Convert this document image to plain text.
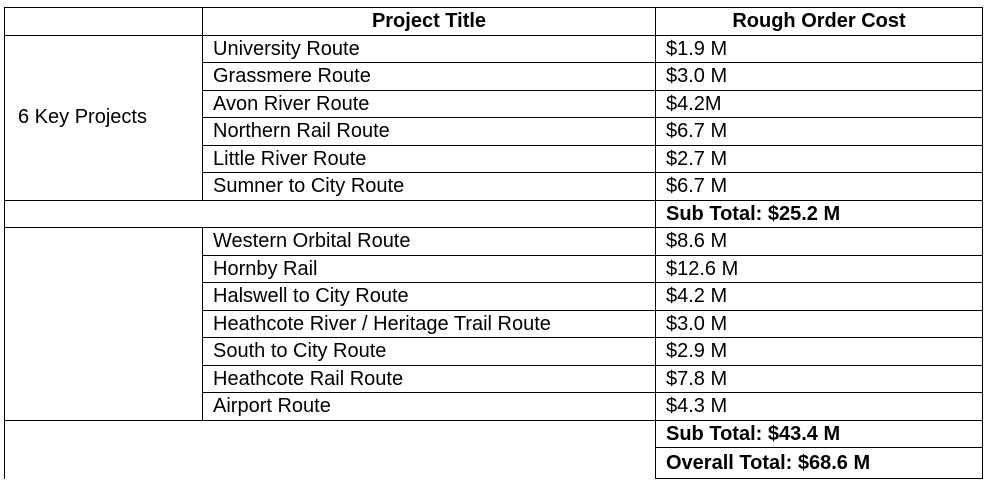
	Project Title	Rough Order Cost
6 Key Projects	University Route	$1.9 M
	Grassmere Route	$3.0 M
	Avon River Route	$4.2M
	Northern Rail Route	$6.7 M
	Little River Route	$2.7 M
	Sumner to City Route	$6.7 M
		Sub Total: $25.2 M
	Western Orbital Route	$8.6 M
	Hornby Rail	$12.6 M
	Halswell to City Route	$4.2 M
	Heathcote River / Heritage Trail Route	$3.0 M
	South to City Route	$2.9 M
	Heathcote Rail Route	$7.8 M
	Airport Route	$4.3 M
		Sub Total: $43.4 M
		Overall Total: $68.6 M
